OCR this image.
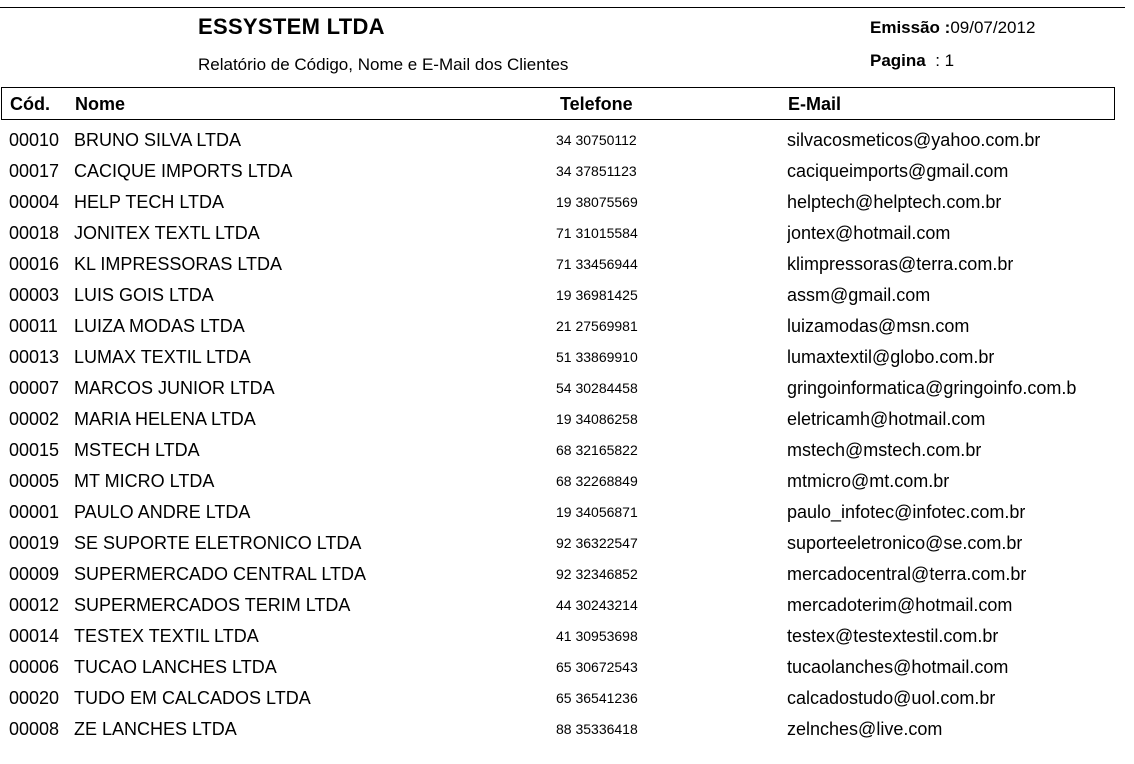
ESSYSTEM LTDA
Relatório de Código, Nome e E-Mail dos Clientes
Emissão :09/07/2012
Pagina : 1
Cód. Nome	Telefone	E-Mail
00010 BRUNO SILVA LTDA	34 30750112	silvacosmeticos@yahoo.com.br
00017 CACIQUE IMPORTS LTDA	34 37851123	caciqueimports@gmail.com
00004 HELP TECH LTDA	19 38075569	helptech@helptech.com.br
00018 JONITEX TEXTL LTDA	71 31015584	jontex@hotmail.com
00016 KL IMPRESSORAS LTDA	71 33456944	klimpressoras@terra.com.br
00003 LUIS GOIS LTDA	19 36981425	assm@gmail.com
00011 LUIZA MODAS LTDA	21 27569981	luizamodas@msn.com
00013 LUMAX TEXTIL LTDA	51 33869910	lumaxtextil@globo.com.br
00007 MARCOS JUNIOR LTDA	54 30284458	gringoinformatica@gringoinfo.com.b
00002 MARIA HELENA LTDA	19 34086258	eletricamh@hotmail.com
00015 MSTECH LTDA	68 32165822	mstech@mstech.com.br
00005 MT MICRO LTDA	68 32268849	mtmicro@mt.com.br
00001 PAULO ANDRE LTDA	19 34056871	paulo_infotec@infotec.com.br
00019 SE SUPORTE ELETRONICO LTDA	92 36322547	suporteeletronico@se.com.br
00009 SUPERMERCADO CENTRAL LTDA	92 32346852	mercadocentral@terra.com.br
00012 SUPERMERCADOS TERIM LTDA	44 30243214	mercadoterim@hotmail.com
00014 TESTEX TEXTIL LTDA	41 30953698	testex@testextestil.com.br
00006 TUCAO LANCHES LTDA	65 30672543	tucaolanches@hotmail.com
00020 TUDO EM CALCADOS LTDA	65 36541236	calcadostudo@uol.com.br
00008 ZE LANCHES LTDA	88 35336418	zelnches@live.com
